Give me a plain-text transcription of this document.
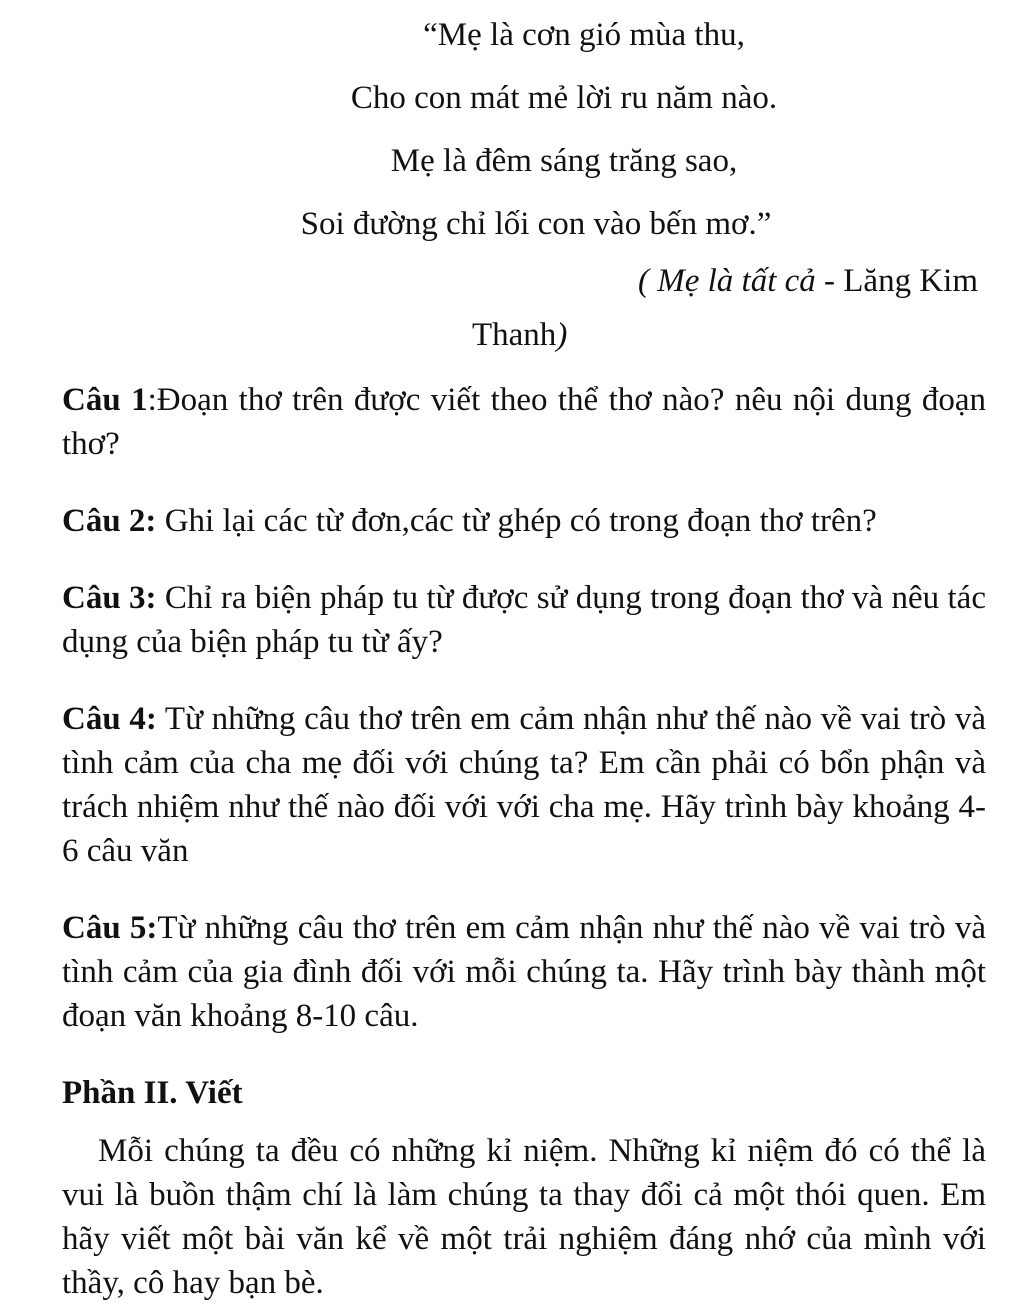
“Mẹ là cơn gió mùa thu,
Cho con mát mẻ lời ru năm nào.
Mẹ là đêm sáng trăng sao,
Soi đường chỉ lối con vào bến mơ.”
( Mẹ là tất cả - Lăng Kim
Thanh)

Câu 1:Đoạn thơ trên được viết theo thể thơ nào? nêu nội dung đoạn thơ?

Câu 2: Ghi lại các từ đơn,các từ ghép có trong đoạn thơ trên?

Câu 3: Chỉ ra biện pháp tu từ được sử dụng trong đoạn thơ và nêu tác dụng của biện pháp tu từ ấy?

Câu 4: Từ những câu thơ trên em cảm nhận như thế nào về vai trò và tình cảm của cha mẹ đối với chúng ta? Em cần phải có bổn phận và trách nhiệm như thế nào đối với với cha mẹ. Hãy trình bày khoảng 4-6 câu văn

Câu 5:Từ những câu thơ trên em cảm nhận như thế nào về vai trò và tình cảm của gia đình đối với mỗi chúng ta. Hãy trình bày thành một đoạn văn khoảng 8-10 câu.

Phần II. Viết

Mỗi chúng ta đều có những kỉ niệm. Những kỉ niệm đó có thể là vui là buồn thậm chí là làm chúng ta thay đổi cả một thói quen. Em hãy viết một bài văn kể về một trải nghiệm đáng nhớ của mình với thầy, cô hay bạn bè.
